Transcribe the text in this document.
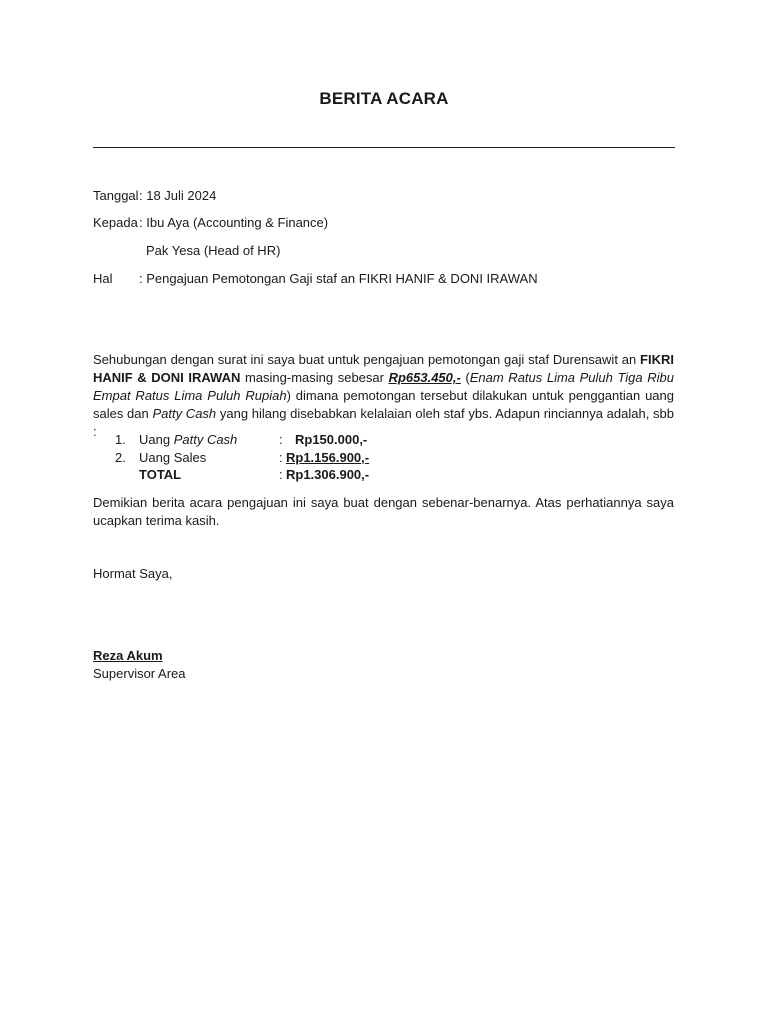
BERITA ACARA
Tanggal : 18 Juli 2024
Kepada : Ibu Aya (Accounting & Finance)
Pak Yesa (Head of HR)
Hal : Pengajuan Pemotongan Gaji staf an FIKRI HANIF & DONI IRAWAN
Sehubungan dengan surat ini saya buat untuk pengajuan pemotongan gaji staf Durensawit an FIKRI HANIF & DONI IRAWAN masing-masing sebesar Rp653.450,- (Enam Ratus Lima Puluh Tiga Ribu Empat Ratus Lima Puluh Rupiah) dimana pemotongan tersebut dilakukan untuk penggantian uang sales dan Patty Cash yang hilang disebabkan kelalaian oleh staf ybs. Adapun rinciannya adalah, sbb :
1. Uang Patty Cash	: Rp150.000,-
2. Uang Sales	: Rp1.156.900,-
TOTAL	: Rp1.306.900,-
Demikian berita acara pengajuan ini saya buat dengan sebenar-benarnya. Atas perhatiannya saya ucapkan terima kasih.
Hormat Saya,
Reza Akum
Supervisor Area
